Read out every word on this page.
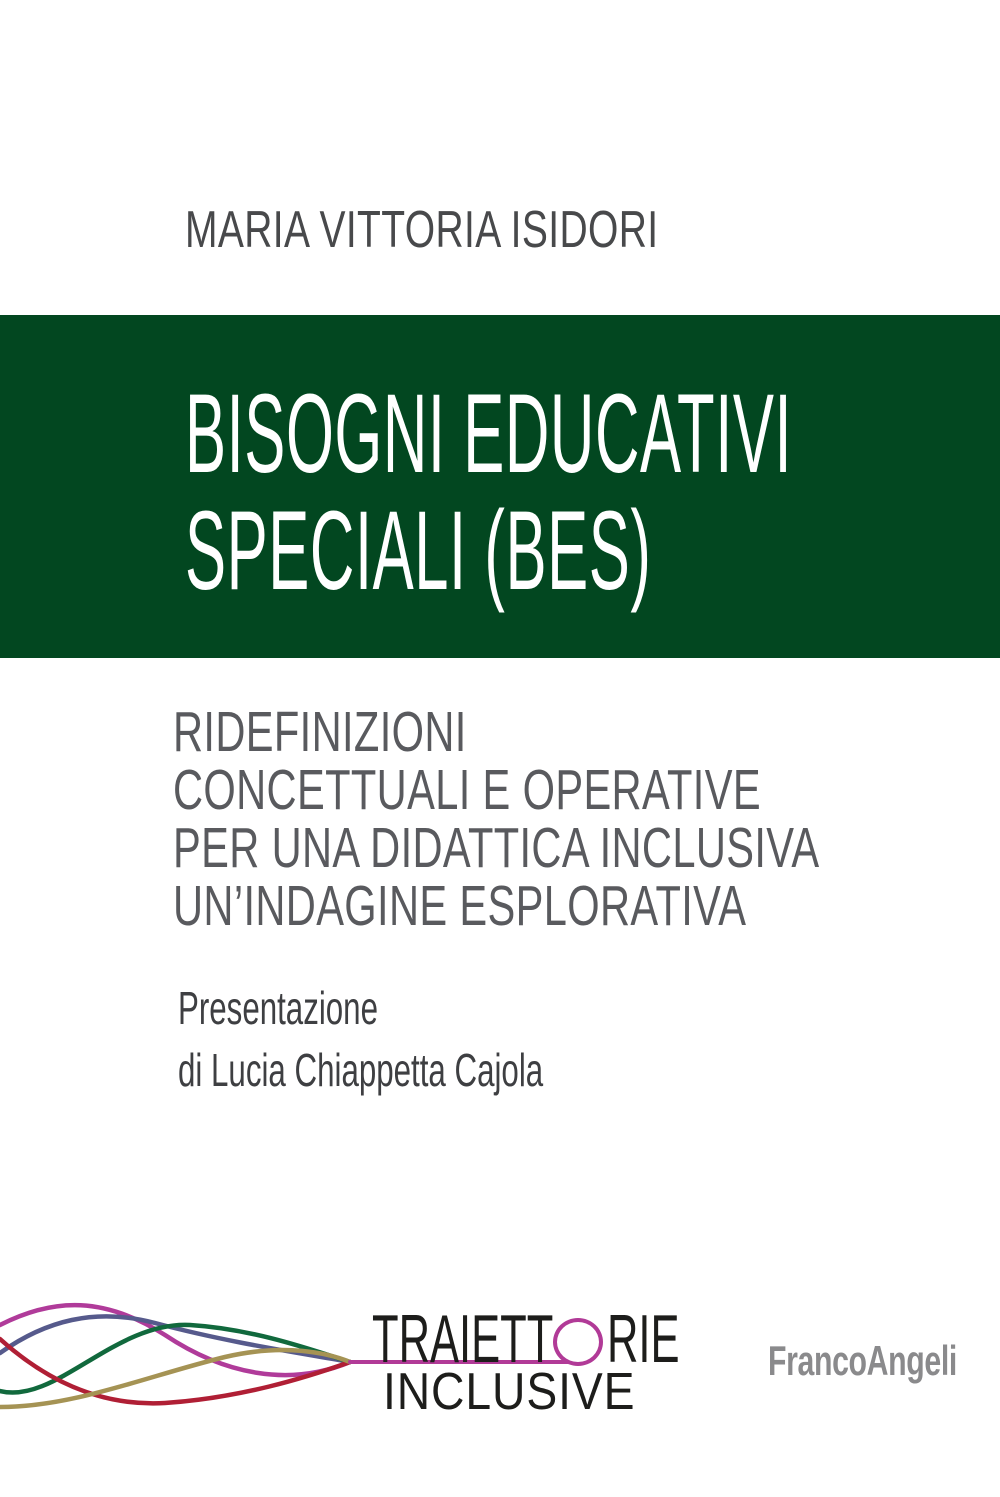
MARIA VITTORIA ISIDORI
BISOGNI EDUCATIVI
SPECIALI (BES)
RIDEFINIZIONI
CONCETTUALI E OPERATIVE
PER UNA DIDATTICA INCLUSIVA
UN’INDAGINE ESPLORATIVA
Presentazione
di Lucia Chiappetta Cajola
TRAIETT RIE
INCLUSIVE
FrancoAngeli
